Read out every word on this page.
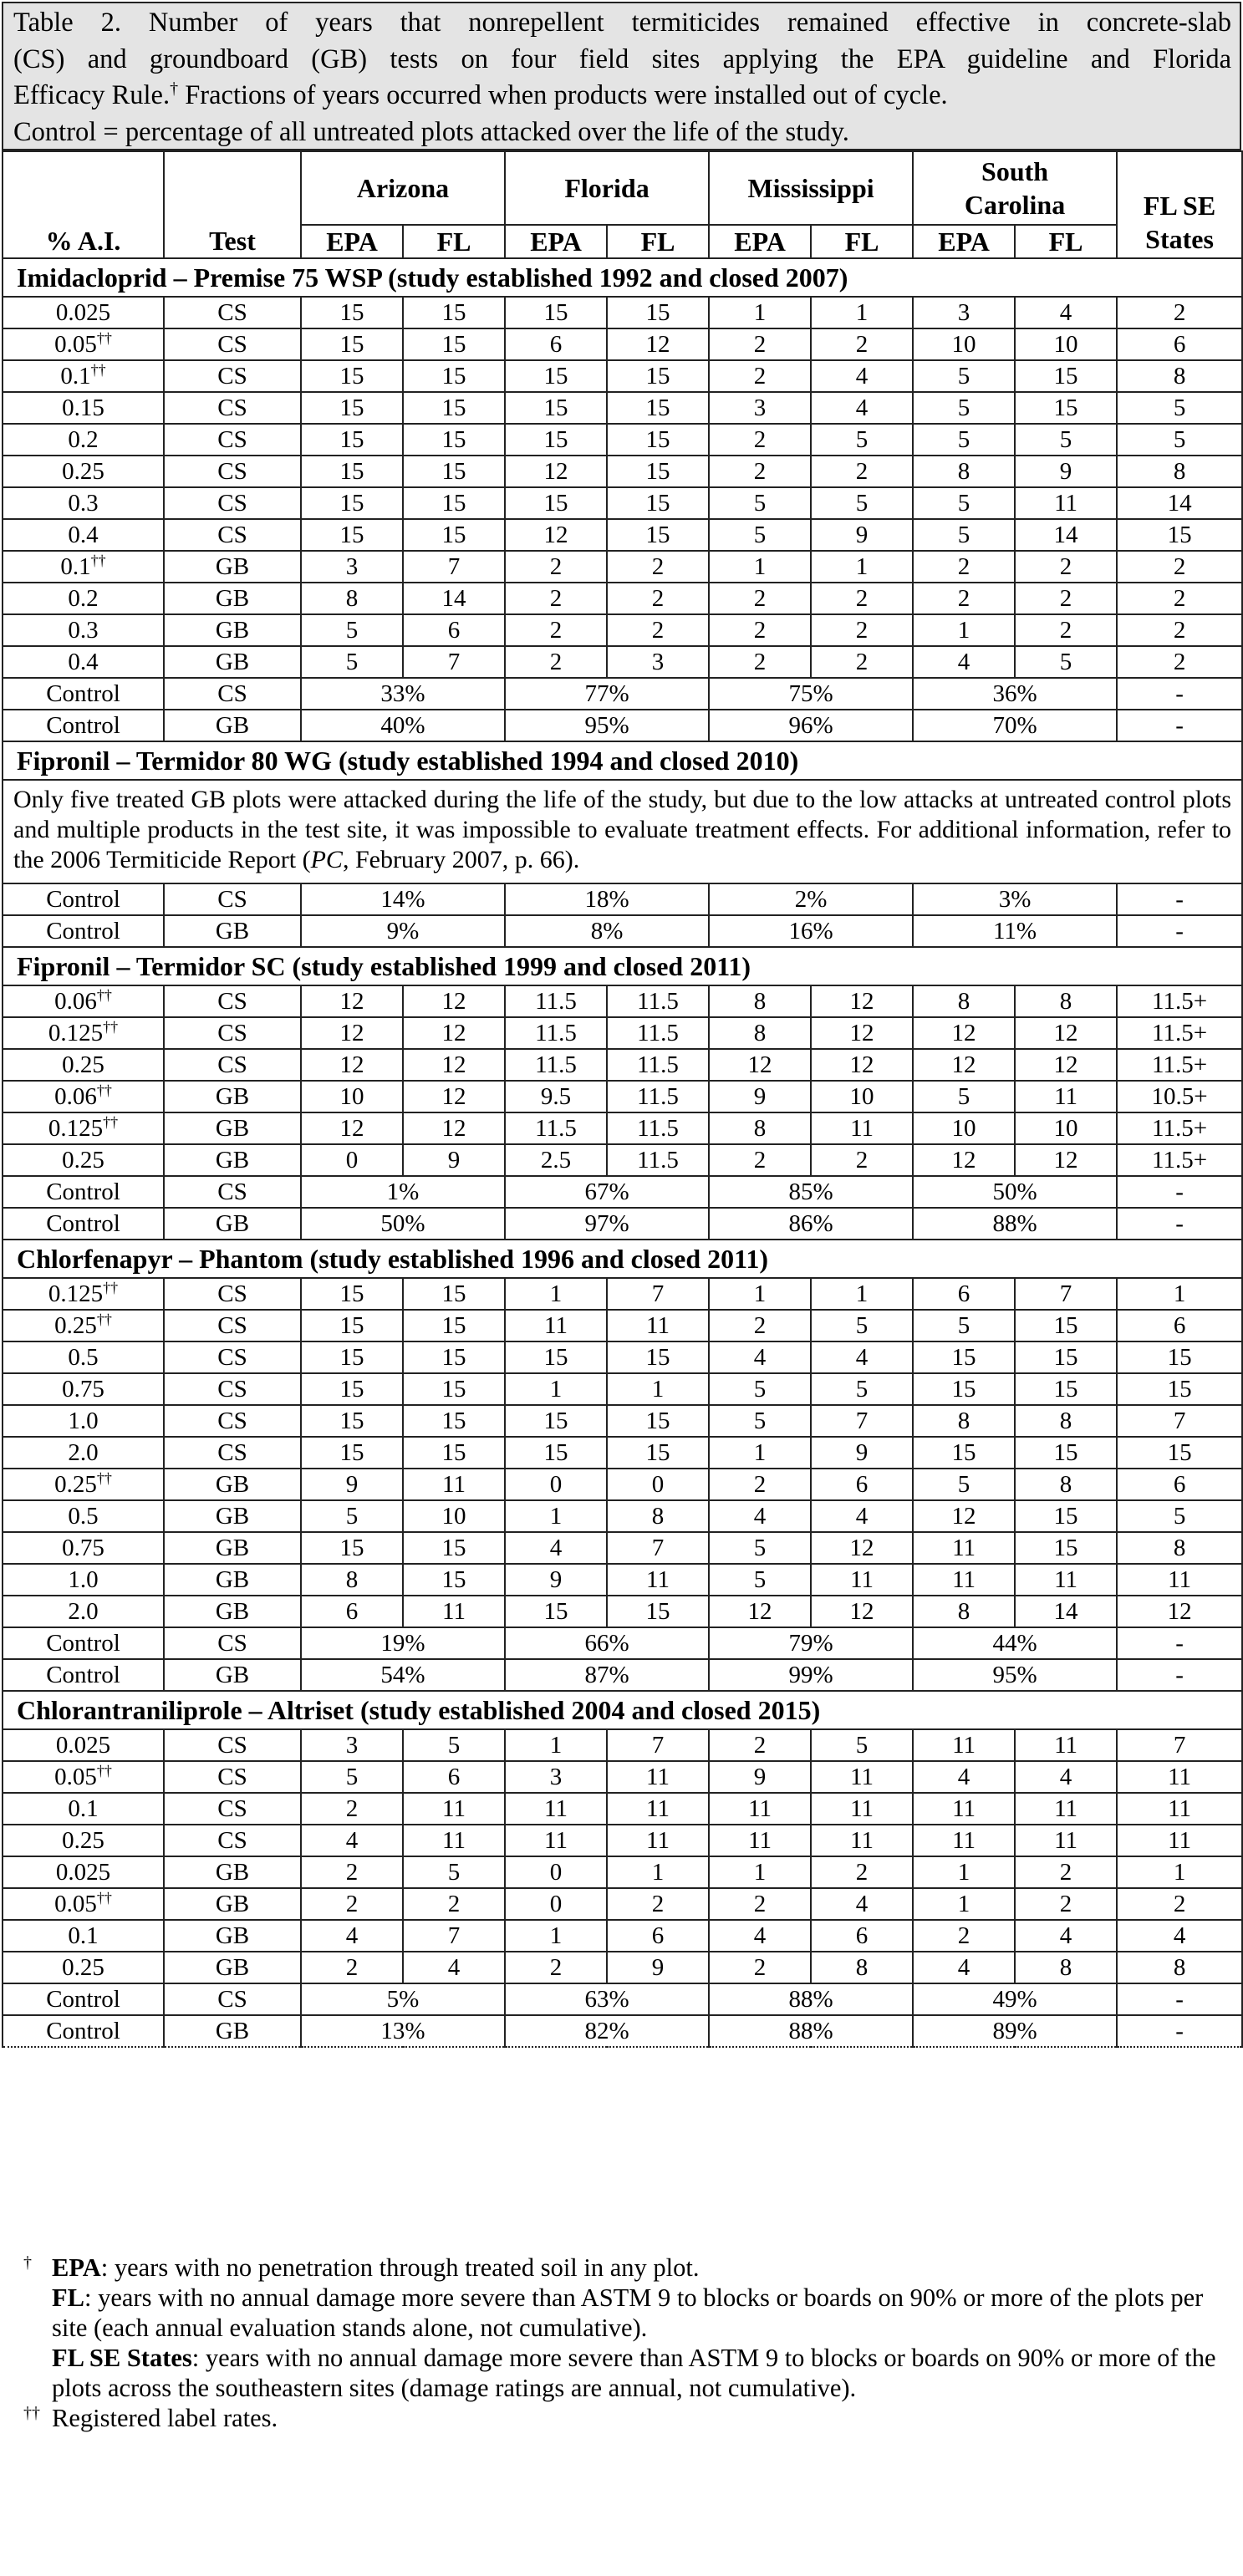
Table 2. Number of years that nonrepellent termiticides remained effective in concrete-slab
(CS) and groundboard (GB) tests on four field sites applying the EPA guideline and Florida
Efficacy Rule.† Fractions of years occurred when products were installed out of cycle.
Control = percentage of all untreated plots attacked over the life of the study.
% A.I.	Test	Arizona		Florida		Mississippi		South Carolina		FL SE States
		EPA	FL	EPA	FL	EPA	FL	EPA	FL	
Imidacloprid – Premise 75 WSP (study established 1992 and closed 2007)										
0.025	CS	15	15	15	15	1	1	3	4	2
0.05††	CS	15	15	6	12	2	2	10	10	6
0.1††	CS	15	15	15	15	2	4	5	15	8
0.15	CS	15	15	15	15	3	4	5	15	5
0.2	CS	15	15	15	15	2	5	5	5	5
0.25	CS	15	15	12	15	2	2	8	9	8
0.3	CS	15	15	15	15	5	5	5	11	14
0.4	CS	15	15	12	15	5	9	5	14	15
0.1††	GB	3	7	2	2	1	1	2	2	2
0.2	GB	8	14	2	2	2	2	2	2	2
0.3	GB	5	6	2	2	2	2	1	2	2
0.4	GB	5	7	2	3	2	2	4	5	2
Control	CS	33%		77%		75%		36%		-
Control	GB	40%		95%		96%		70%		-
Fipronil – Termidor 80 WG (study established 1994 and closed 2010)										
Only five treated GB plots were attacked during the life of the study, but due to the low attacks at untreated control plots and multiple products in the test site, it was impossible to evaluate treatment effects. For additional information, refer to the 2006 Termiticide Report (PC, February 2007, p. 66).										
Control	CS	14%		18%		2%		3%		-
Control	GB	9%		8%		16%		11%		-
Fipronil – Termidor SC (study established 1999 and closed 2011)										
0.06††	CS	12	12	11.5	11.5	8	12	8	8	11.5+
0.125††	CS	12	12	11.5	11.5	8	12	12	12	11.5+
0.25	CS	12	12	11.5	11.5	12	12	12	12	11.5+
0.06††	GB	10	12	9.5	11.5	9	10	5	11	10.5+
0.125††	GB	12	12	11.5	11.5	8	11	10	10	11.5+
0.25	GB	0	9	2.5	11.5	2	2	12	12	11.5+
Control	CS	1%		67%		85%		50%		-
Control	GB	50%		97%		86%		88%		-
Chlorfenapyr – Phantom (study established 1996 and closed 2011)										
0.125††	CS	15	15	1	7	1	1	6	7	1
0.25††	CS	15	15	11	11	2	5	5	15	6
0.5	CS	15	15	15	15	4	4	15	15	15
0.75	CS	15	15	1	1	5	5	15	15	15
1.0	CS	15	15	15	15	5	7	8	8	7
2.0	CS	15	15	15	15	1	9	15	15	15
0.25††	GB	9	11	0	0	2	6	5	8	6
0.5	GB	5	10	1	8	4	4	12	15	5
0.75	GB	15	15	4	7	5	12	11	15	8
1.0	GB	8	15	9	11	5	11	11	11	11
2.0	GB	6	11	15	15	12	12	8	14	12
Control	CS	19%		66%		79%		44%		-
Control	GB	54%		87%		99%		95%		-
Chlorantraniliprole – Altriset (study established 2004 and closed 2015)										
0.025	CS	3	5	1	7	2	5	11	11	7
0.05††	CS	5	6	3	11	9	11	4	4	11
0.1	CS	2	11	11	11	11	11	11	11	11
0.25	CS	4	11	11	11	11	11	11	11	11
0.025	GB	2	5	0	1	1	2	1	2	1
0.05††	GB	2	2	0	2	2	4	1	2	2
0.1	GB	4	7	1	6	4	6	2	4	4
0.25	GB	2	4	2	9	2	8	4	8	8
Control	CS	5%		63%		88%		49%		-
Control	GB	13%		82%		88%		89%		-
† EPA: years with no penetration through treated soil in any plot.
FL: years with no annual damage more severe than ASTM 9 to blocks or boards on 90% or more of the plots per site (each annual evaluation stands alone, not cumulative).
FL SE States: years with no annual damage more severe than ASTM 9 to blocks or boards on 90% or more of the plots across the southeastern sites (damage ratings are annual, not cumulative).
†† Registered label rates.
